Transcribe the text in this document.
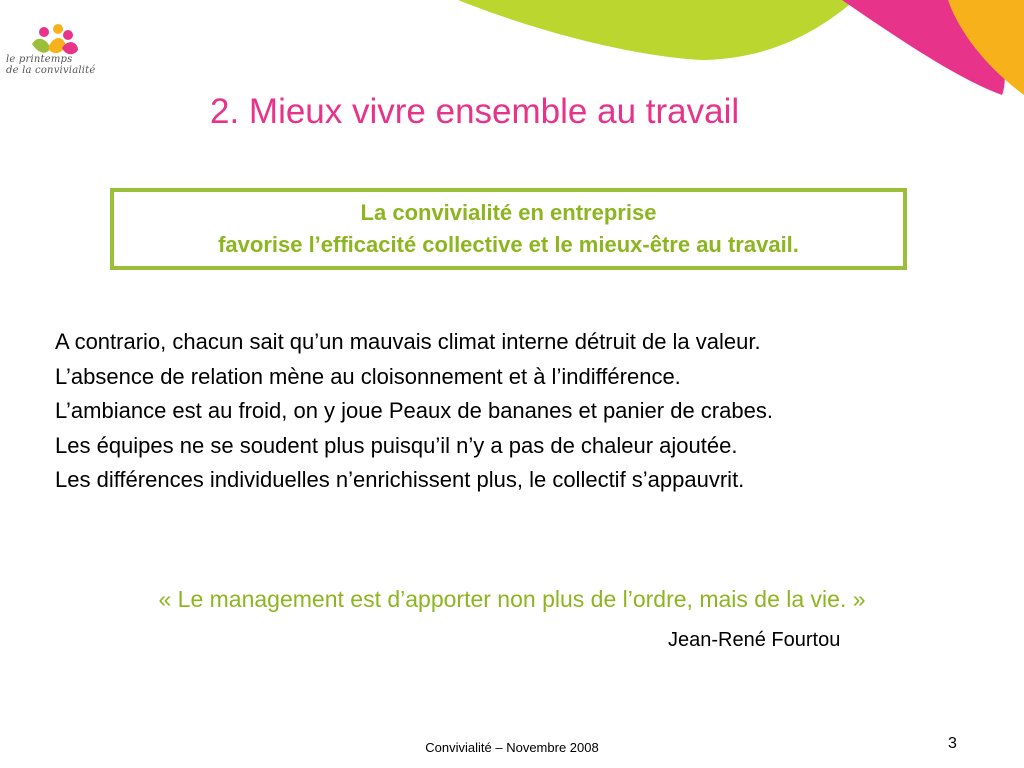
le printemps
de la convivialité
2. Mieux vivre ensemble au travail
La convivialité en entreprise
favorise l’efficacité collective et le mieux-être au travail.
A contrario, chacun sait qu’un mauvais climat interne détruit de la valeur.
L’absence de relation mène au cloisonnement et à l’indifférence.
L’ambiance est au froid, on y joue Peaux de bananes et panier de crabes.
Les équipes ne se soudent plus puisqu’il n’y a pas de chaleur ajoutée.
Les différences individuelles n’enrichissent plus, le collectif s’appauvrit.
« Le management est d’apporter non plus de l’ordre, mais de la vie. »
Jean-René Fourtou
Convivialité – Novembre 2008	3
